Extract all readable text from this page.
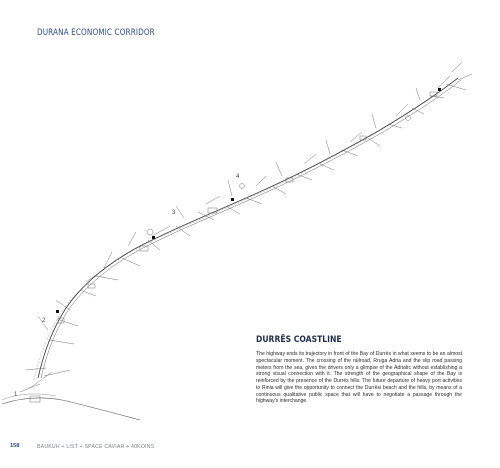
DURANA ECONOMIC CORRIDOR
1
2
3
4
DURRËS COASTLINE
The highway ends its trajectory in front of the Bay of Durrës in what seems to be an almost spectacular moment. The crossing of the railroad, Rruga Adria and the slip road passing meters from the sea, gives the drivers only a glimpse of the Adriatic without establishing a strong visual connection with it. The strength of the geographical shape of the Bay is reinforced by the presence of the Durrës hills. The future departure of heavy port activities to Rinia will give the opportunity to connect the Durrësi beach and the hills, by means of a continuous qualitative public space that will have to negotiate a passage through the highway's interchange.
158	BAUKUH + LIST + SPACE CAVIAR + 40KOINS
